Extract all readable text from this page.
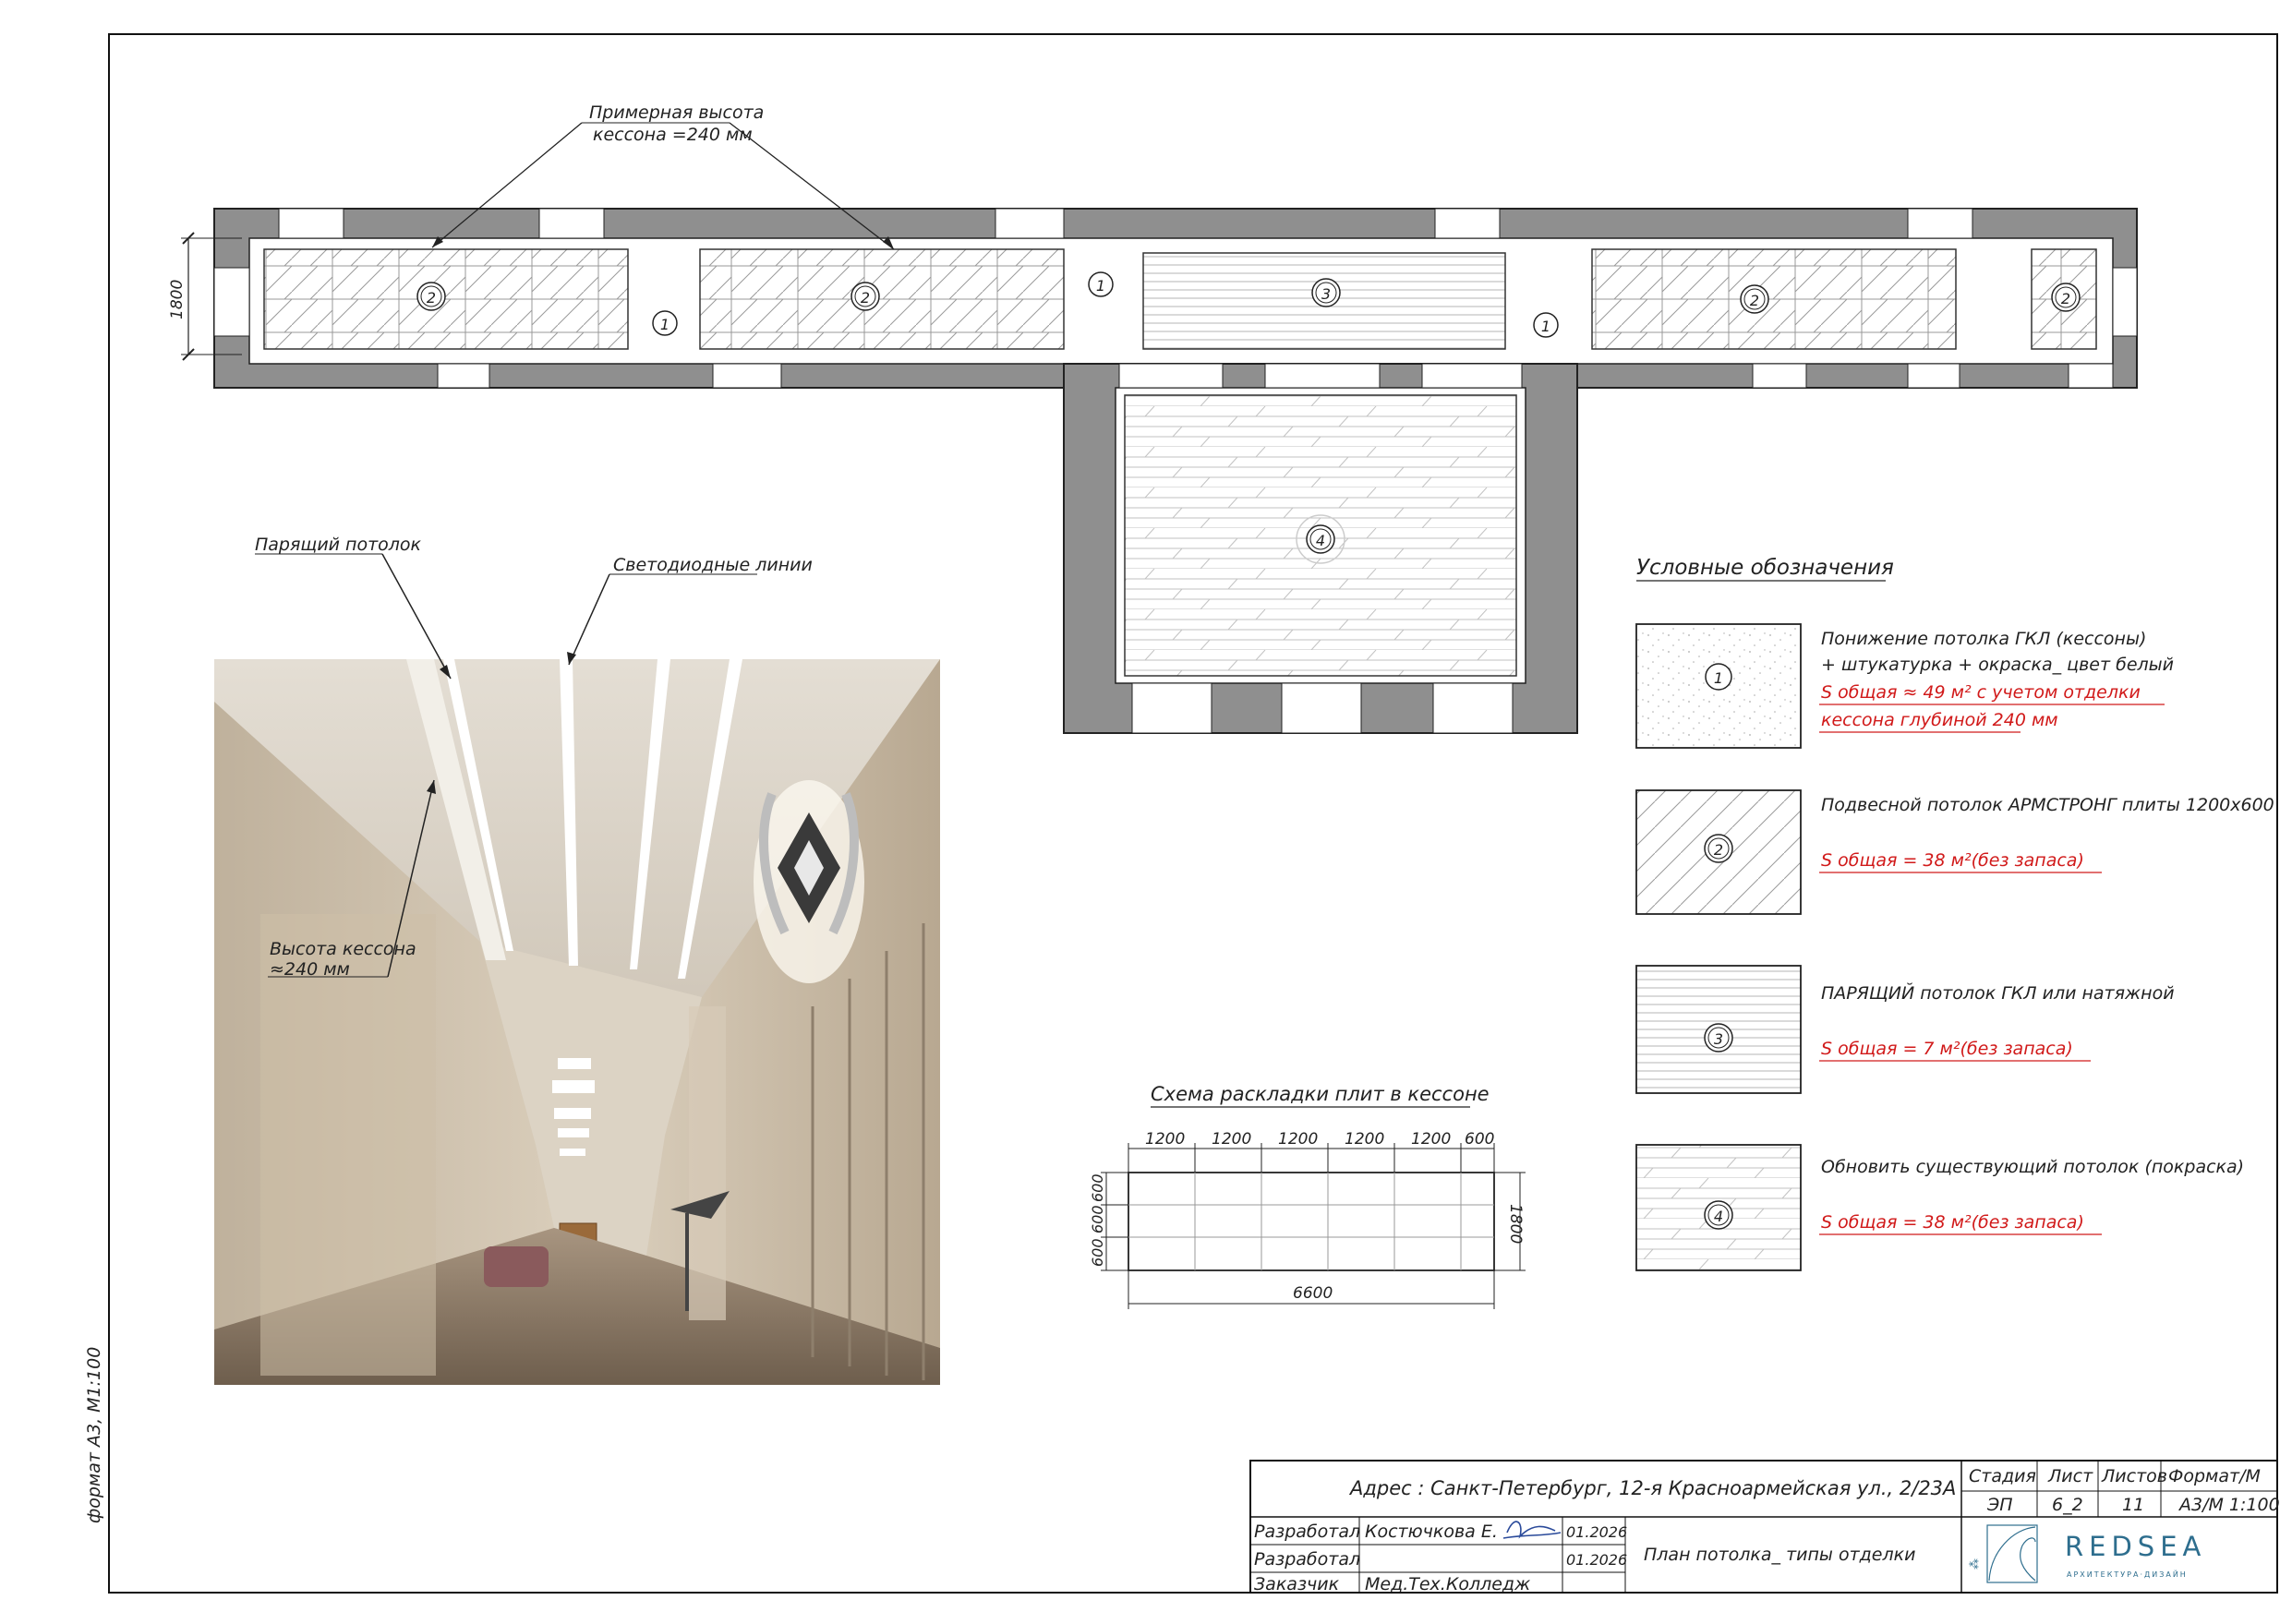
формат А3, М1:100
1
1
1
2	2	2	2
3
4
1800
Примерная высота
кессона =240 мм
Парящий потолок
Светодиодные линии
Высота кессона
≈240 мм
Условные обозначения
1
Понижение потолка ГКЛ (кессоны)
+ штукатурка + окраска_ цвет белый
S общая ≈ 49 м² с учетом отделки
кессона глубиной 240 мм
2
Подвесной потолок АРМСТРОНГ плиты 1200х600
S общая = 38 м²(без запаса)
3
ПАРЯЩИЙ потолок ГКЛ или натяжной
S общая = 7 м²(без запаса)
4
Обновить существующий потолок (покраска)
S общая = 38 м²(без запаса)
Схема раскладки плит в кессоне
1200 1200 1200 1200 1200 600
600
600
600
1800
6600
Адрес : Санкт-Петербург, 12-я Красноармейская ул., 2/23А
Стадия Лист Листов Формат/М
ЭП 6_2 11 А3/М 1:100
Разработал Костючкова Е.	01.2026
Разработал	01.2026
Заказчик Мед.Тех.Колледж
План потолка_ типы отделки	⁂
REDSEA
АРХИТЕКТУРА·ДИЗАЙН
